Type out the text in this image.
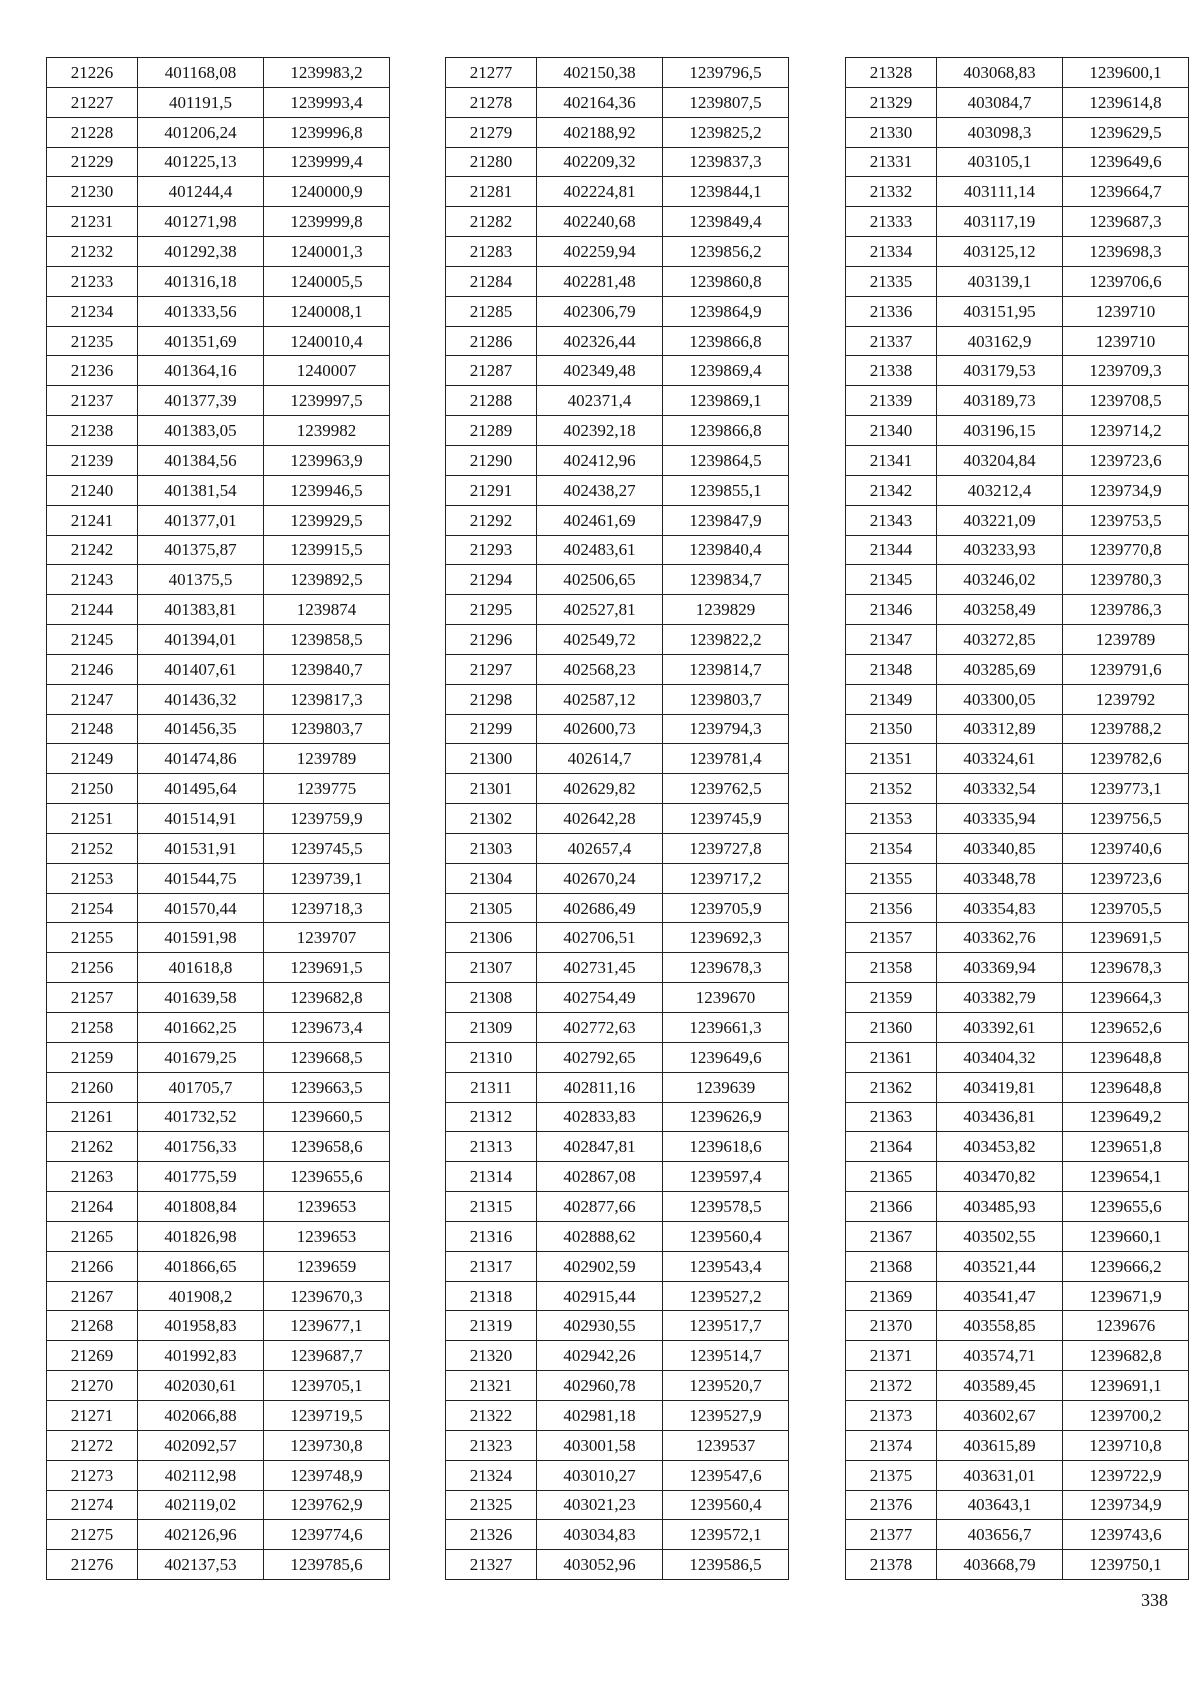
21226	401168,08	1239983,2
21227	401191,5	1239993,4
21228	401206,24	1239996,8
21229	401225,13	1239999,4
21230	401244,4	1240000,9
21231	401271,98	1239999,8
21232	401292,38	1240001,3
21233	401316,18	1240005,5
21234	401333,56	1240008,1
21235	401351,69	1240010,4
21236	401364,16	1240007
21237	401377,39	1239997,5
21238	401383,05	1239982
21239	401384,56	1239963,9
21240	401381,54	1239946,5
21241	401377,01	1239929,5
21242	401375,87	1239915,5
21243	401375,5	1239892,5
21244	401383,81	1239874
21245	401394,01	1239858,5
21246	401407,61	1239840,7
21247	401436,32	1239817,3
21248	401456,35	1239803,7
21249	401474,86	1239789
21250	401495,64	1239775
21251	401514,91	1239759,9
21252	401531,91	1239745,5
21253	401544,75	1239739,1
21254	401570,44	1239718,3
21255	401591,98	1239707
21256	401618,8	1239691,5
21257	401639,58	1239682,8
21258	401662,25	1239673,4
21259	401679,25	1239668,5
21260	401705,7	1239663,5
21261	401732,52	1239660,5
21262	401756,33	1239658,6
21263	401775,59	1239655,6
21264	401808,84	1239653
21265	401826,98	1239653
21266	401866,65	1239659
21267	401908,2	1239670,3
21268	401958,83	1239677,1
21269	401992,83	1239687,7
21270	402030,61	1239705,1
21271	402066,88	1239719,5
21272	402092,57	1239730,8
21273	402112,98	1239748,9
21274	402119,02	1239762,9
21275	402126,96	1239774,6
21276	402137,53	1239785,6
21277	402150,38	1239796,5
21278	402164,36	1239807,5
21279	402188,92	1239825,2
21280	402209,32	1239837,3
21281	402224,81	1239844,1
21282	402240,68	1239849,4
21283	402259,94	1239856,2
21284	402281,48	1239860,8
21285	402306,79	1239864,9
21286	402326,44	1239866,8
21287	402349,48	1239869,4
21288	402371,4	1239869,1
21289	402392,18	1239866,8
21290	402412,96	1239864,5
21291	402438,27	1239855,1
21292	402461,69	1239847,9
21293	402483,61	1239840,4
21294	402506,65	1239834,7
21295	402527,81	1239829
21296	402549,72	1239822,2
21297	402568,23	1239814,7
21298	402587,12	1239803,7
21299	402600,73	1239794,3
21300	402614,7	1239781,4
21301	402629,82	1239762,5
21302	402642,28	1239745,9
21303	402657,4	1239727,8
21304	402670,24	1239717,2
21305	402686,49	1239705,9
21306	402706,51	1239692,3
21307	402731,45	1239678,3
21308	402754,49	1239670
21309	402772,63	1239661,3
21310	402792,65	1239649,6
21311	402811,16	1239639
21312	402833,83	1239626,9
21313	402847,81	1239618,6
21314	402867,08	1239597,4
21315	402877,66	1239578,5
21316	402888,62	1239560,4
21317	402902,59	1239543,4
21318	402915,44	1239527,2
21319	402930,55	1239517,7
21320	402942,26	1239514,7
21321	402960,78	1239520,7
21322	402981,18	1239527,9
21323	403001,58	1239537
21324	403010,27	1239547,6
21325	403021,23	1239560,4
21326	403034,83	1239572,1
21327	403052,96	1239586,5
21328	403068,83	1239600,1
21329	403084,7	1239614,8
21330	403098,3	1239629,5
21331	403105,1	1239649,6
21332	403111,14	1239664,7
21333	403117,19	1239687,3
21334	403125,12	1239698,3
21335	403139,1	1239706,6
21336	403151,95	1239710
21337	403162,9	1239710
21338	403179,53	1239709,3
21339	403189,73	1239708,5
21340	403196,15	1239714,2
21341	403204,84	1239723,6
21342	403212,4	1239734,9
21343	403221,09	1239753,5
21344	403233,93	1239770,8
21345	403246,02	1239780,3
21346	403258,49	1239786,3
21347	403272,85	1239789
21348	403285,69	1239791,6
21349	403300,05	1239792
21350	403312,89	1239788,2
21351	403324,61	1239782,6
21352	403332,54	1239773,1
21353	403335,94	1239756,5
21354	403340,85	1239740,6
21355	403348,78	1239723,6
21356	403354,83	1239705,5
21357	403362,76	1239691,5
21358	403369,94	1239678,3
21359	403382,79	1239664,3
21360	403392,61	1239652,6
21361	403404,32	1239648,8
21362	403419,81	1239648,8
21363	403436,81	1239649,2
21364	403453,82	1239651,8
21365	403470,82	1239654,1
21366	403485,93	1239655,6
21367	403502,55	1239660,1
21368	403521,44	1239666,2
21369	403541,47	1239671,9
21370	403558,85	1239676
21371	403574,71	1239682,8
21372	403589,45	1239691,1
21373	403602,67	1239700,2
21374	403615,89	1239710,8
21375	403631,01	1239722,9
21376	403643,1	1239734,9
21377	403656,7	1239743,6
21378	403668,79	1239750,1
338
